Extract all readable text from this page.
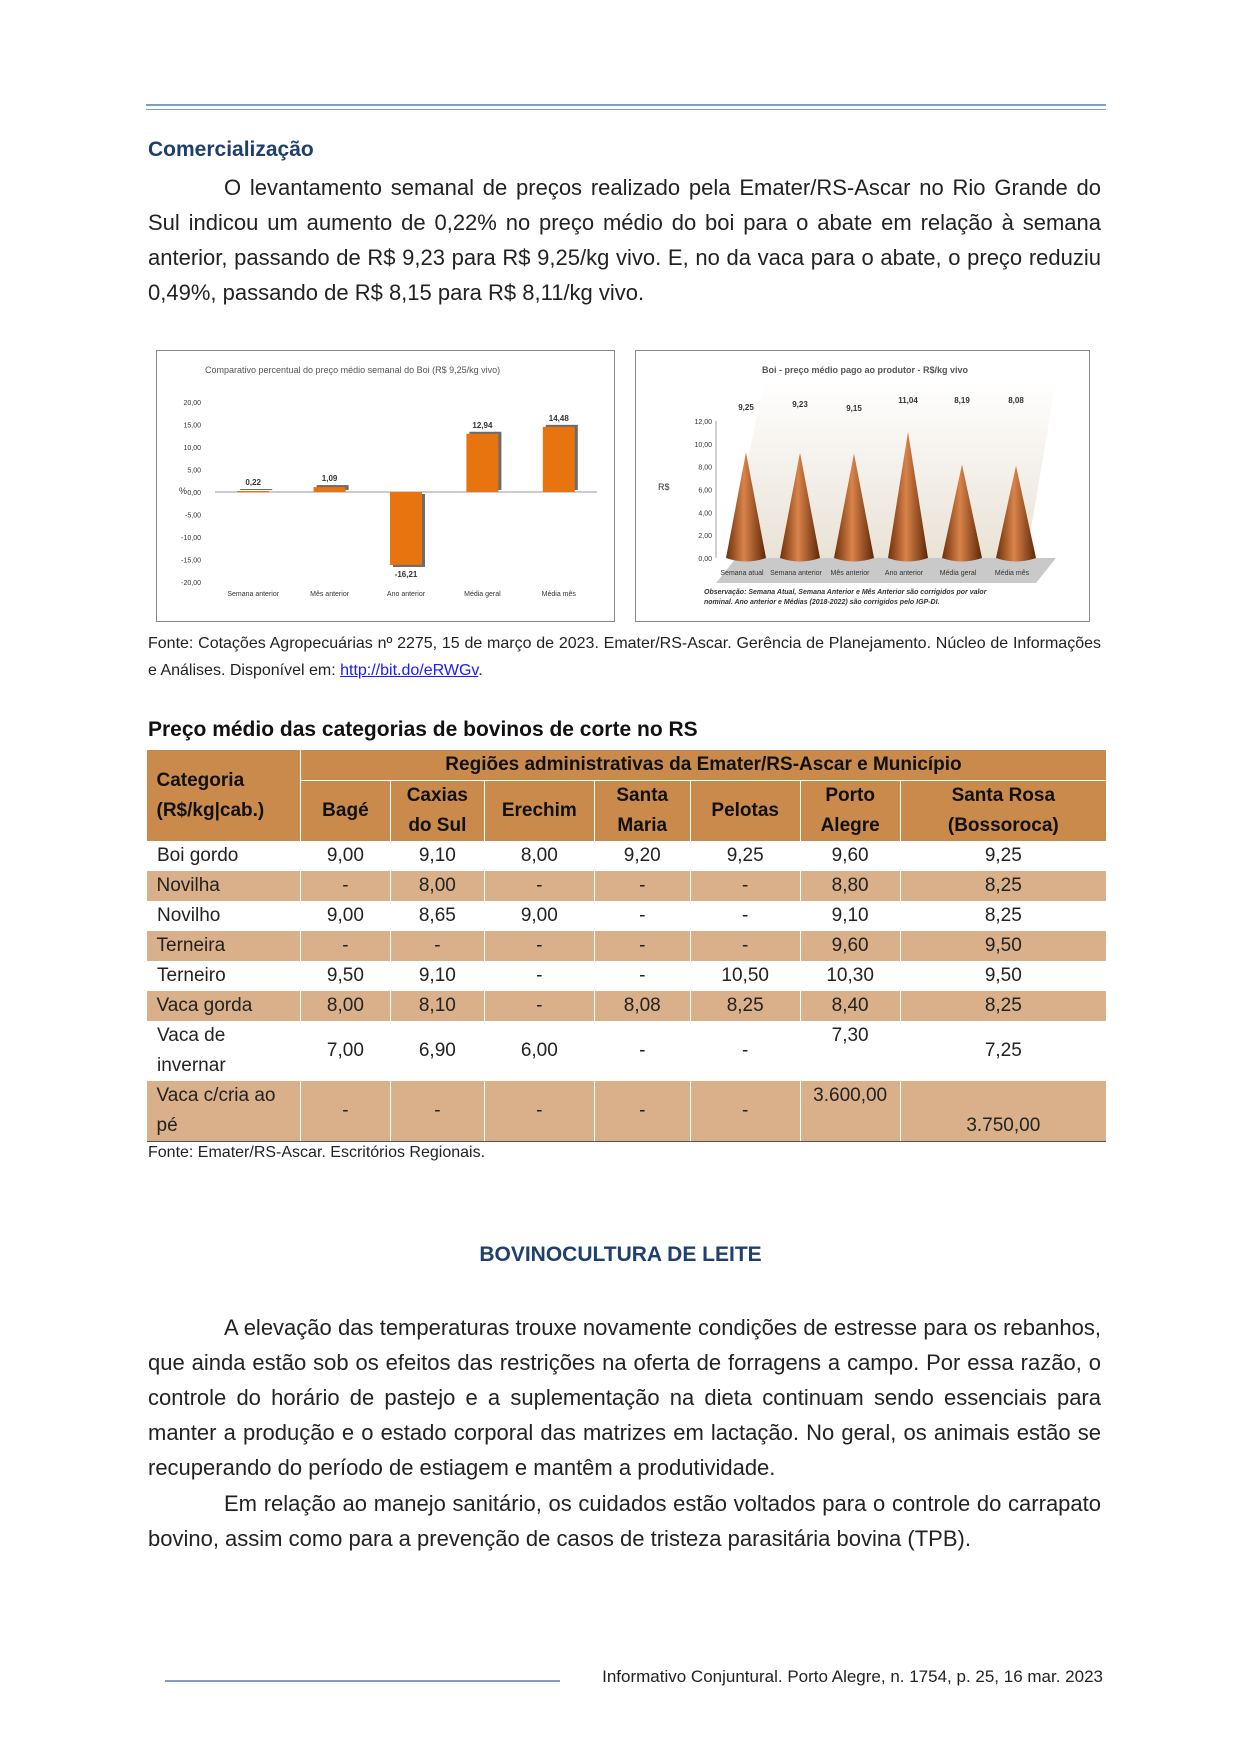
Comercialização

O levantamento semanal de preços realizado pela Emater/RS-Ascar no Rio Grande do Sul indicou um aumento de 0,22% no preço médio do boi para o abate em relação à semana anterior, passando de R$ 9,23 para R$ 9,25/kg vivo. E, no da vaca para o abate, o preço reduziu 0,49%, passando de R$ 8,15 para R$ 8,11/kg vivo.

Comparativo percentual do preço médio semanal do Boi (R$ 9,25/kg vivo)
20,00
15,00
10,00
5,00
0,00
-5,00
-10,00
-15,00
-20,00
0,22
Semana anterior
1,09
Mês anterior
-16,21
Ano anterior
12,94
Média geral
14,48
Média mês
%
Boi - preço médio pago ao produtor - R$/kg vivo
12,00
10,00
8,00
6,00
4,00
2,00
0,00
9,25
Semana atual
9,23
Semana anterior
9,15
Mês anterior
11,04
Ano anterior
8,19
Média geral
8,08
Média mês
R$
Observação: Semana Atual, Semana Anterior e Mês Anterior são corrigidos por valor
nominal. Ano anterior e Médias (2018-2022) são corrigidos pelo IGP-DI.

Fonte: Cotações Agropecuárias nº 2275, 15 de março de 2023. Emater/RS-Ascar. Gerência de Planejamento. Núcleo de Informações e Análises. Disponível em: http://bit.do/eRWGv.

Preço médio das categorias de bovinos de corte no RS
Categoria
(R$/kg|cab.)	Regiões administrativas da Emater/RS-Ascar e Município						
	Bagé	Caxias	Erechim	Santa	Pelotas	Porto	Santa Rosa
		do Sul		Maria		Alegre	(Bossoroca)

Boi gordo	9,00	9,10	8,00	9,20	9,25	9,60	9,25

Novilha	-	8,00	-	-	-	8,80	8,25

Novilho	9,00	8,65	9,00	-	-	9,10	8,25

Terneira	-	-	-	-	-	9,60	9,50

Terneiro	9,50	9,10	-	-	10,50	10,30	9,50

Vaca gorda	8,00	8,10	-	8,08	8,25	8,40	8,25

Vaca de
invernar	7,00	6,90	6,00	-	-	7,30	7,25

Vaca c/cria ao
pé	-	-	-	-	-	3.600,00	3.750,00
Fonte: Emater/RS-Ascar. Escritórios Regionais.
BOVINOCULTURA DE LEITE

A elevação das temperaturas trouxe novamente condições de estresse para os rebanhos, que ainda estão sob os efeitos das restrições na oferta de forragens a campo. Por essa razão, o controle do horário de pastejo e a suplementação na dieta continuam sendo essenciais para manter a produção e o estado corporal das matrizes em lactação. No geral, os animais estão se recuperando do período de estiagem e mantêm a produtividade.

Em relação ao manejo sanitário, os cuidados estão voltados para o controle do carrapato bovino, assim como para a prevenção de casos de tristeza parasitária bovina (TPB).

Informativo Conjuntural. Porto Alegre, n. 1754, p. 25, 16 mar. 2023
